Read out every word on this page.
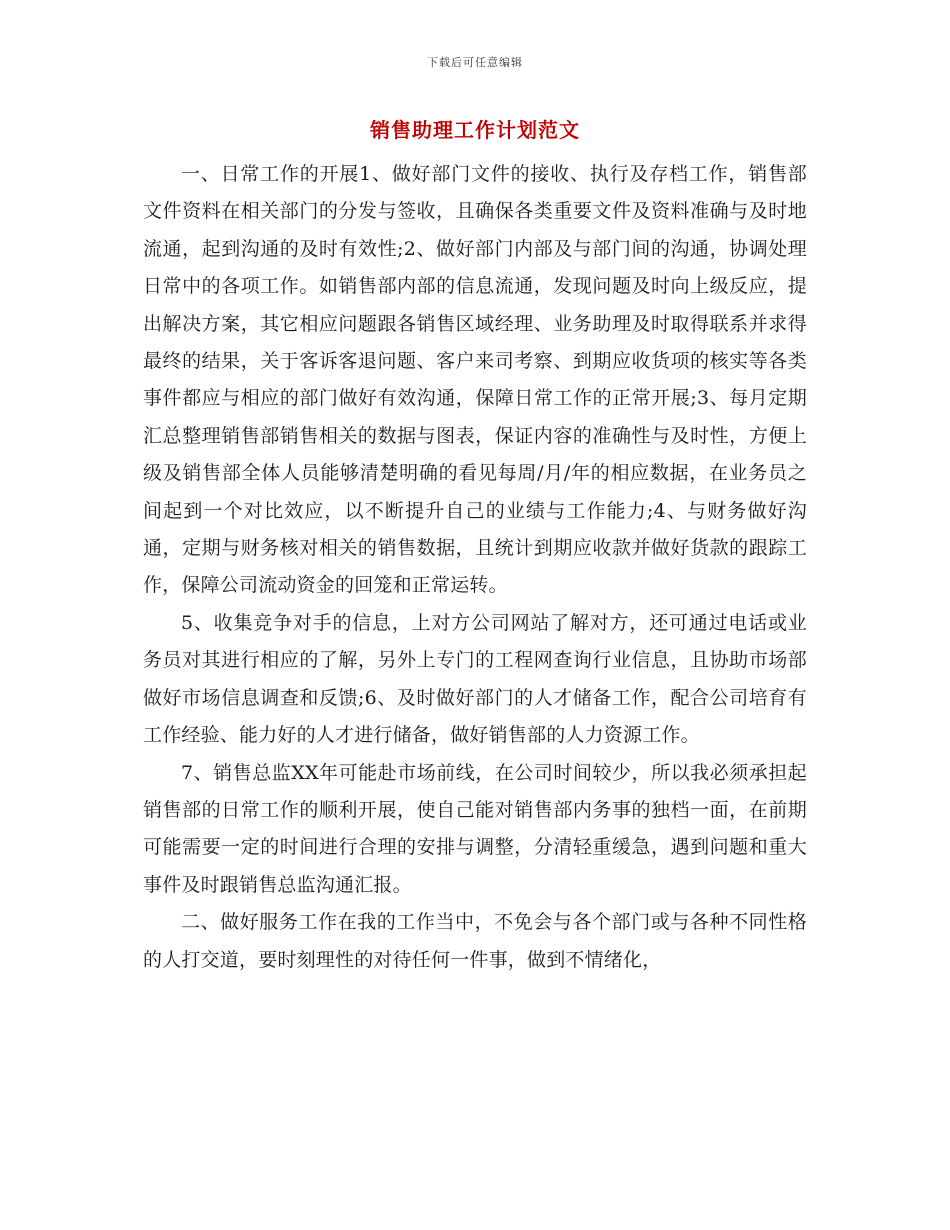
下载后可任意编辑
销售助理工作计划范文

一、日常工作的开展1、做好部门文件的接收、执行及存档工作，销售部文件资料在相关部门的分发与签收，且确保各类重要文件及资料准确与及时地流通，起到沟通的及时有效性;2、做好部门内部及与部门间的沟通，协调处理日常中的各项工作。如销售部内部的信息流通，发现问题及时向上级反应，提出解决方案，其它相应问题跟各销售区域经理、业务助理及时取得联系并求得最终的结果，关于客诉客退问题、客户来司考察、到期应收货项的核实等各类事件都应与相应的部门做好有效沟通，保障日常工作的正常开展;3、每月定期汇总整理销售部销售相关的数据与图表，保证内容的准确性与及时性，方便上级及销售部全体人员能够清楚明确的看见每周/月/年的相应数据，在业务员之间起到一个对比效应，以不断提升自己的业绩与工作能力;4、与财务做好沟通，定期与财务核对相关的销售数据，且统计到期应收款并做好货款的跟踪工作，保障公司流动资金的回笼和正常运转。

5、收集竞争对手的信息，上对方公司网站了解对方，还可通过电话或业务员对其进行相应的了解，另外上专门的工程网查询行业信息，且协助市场部做好市场信息调查和反馈;6、及时做好部门的人才储备工作，配合公司培育有工作经验、能力好的人才进行储备，做好销售部的人力资源工作。

7、销售总监XX年可能赴市场前线，在公司时间较少，所以我必须承担起销售部的日常工作的顺利开展，使自己能对销售部内务事的独档一面，在前期可能需要一定的时间进行合理的安排与调整，分清轻重缓急，遇到问题和重大事件及时跟销售总监沟通汇报。

二、做好服务工作在我的工作当中，不免会与各个部门或与各种不同性格的人打交道，要时刻理性的对待任何一件事，做到不情绪化，
